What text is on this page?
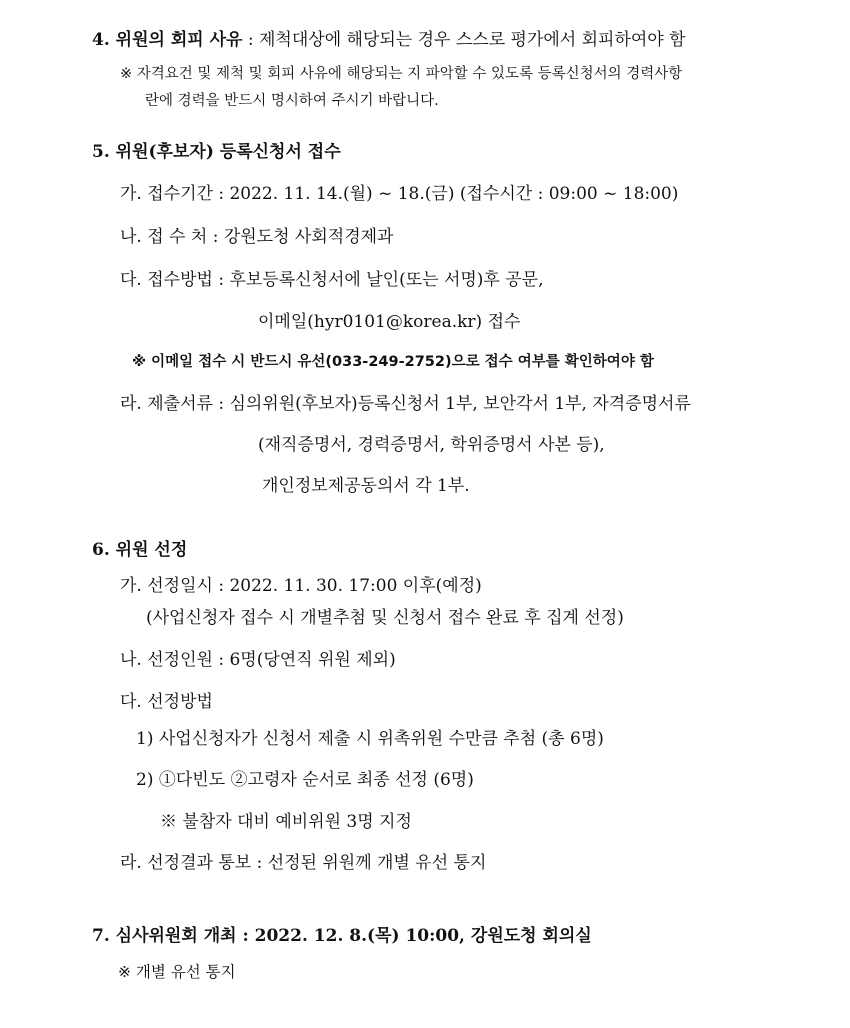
4. 위원의 회피 사유 : 제척대상에 해당되는 경우 스스로 평가에서 회피하여야 함
※ 자격요건 및 제척 및 회피 사유에 해당되는 지 파악할 수 있도록 등록신청서의 경력사항
란에 경력을 반드시 명시하여 주시기 바랍니다.
5. 위원(후보자) 등록신청서 접수
가. 접수기간 : 2022. 11. 14.(월) ~ 18.(금) (접수시간 : 09:00 ~ 18:00)
나. 접 수 처 : 강원도청 사회적경제과
다. 접수방법 : 후보등록신청서에 날인(또는 서명)후 공문,
이메일(hyr0101@korea.kr) 접수
※ 이메일 접수 시 반드시 유선(033-249-2752)으로 접수 여부를 확인하여야 함
라. 제출서류 : 심의위원(후보자)등록신청서 1부, 보안각서 1부, 자격증명서류
(재직증명서, 경력증명서, 학위증명서 사본 등),
개인정보제공동의서 각 1부.
6. 위원 선정
가. 선정일시 : 2022. 11. 30. 17:00 이후(예정)
(사업신청자 접수 시 개별추첨 및 신청서 접수 완료 후 집계 선정)
나. 선정인원 : 6명(당연직 위원 제외)
다. 선정방법
1) 사업신청자가 신청서 제출 시 위촉위원 수만큼 추첨 (총 6명)
2) ①다빈도 ②고령자 순서로 최종 선정 (6명)
※ 불참자 대비 예비위원 3명 지정
라. 선정결과 통보 : 선정된 위원께 개별 유선 통지
7. 심사위원회 개최 : 2022. 12. 8.(목) 10:00, 강원도청 회의실
※ 개별 유선 통지
